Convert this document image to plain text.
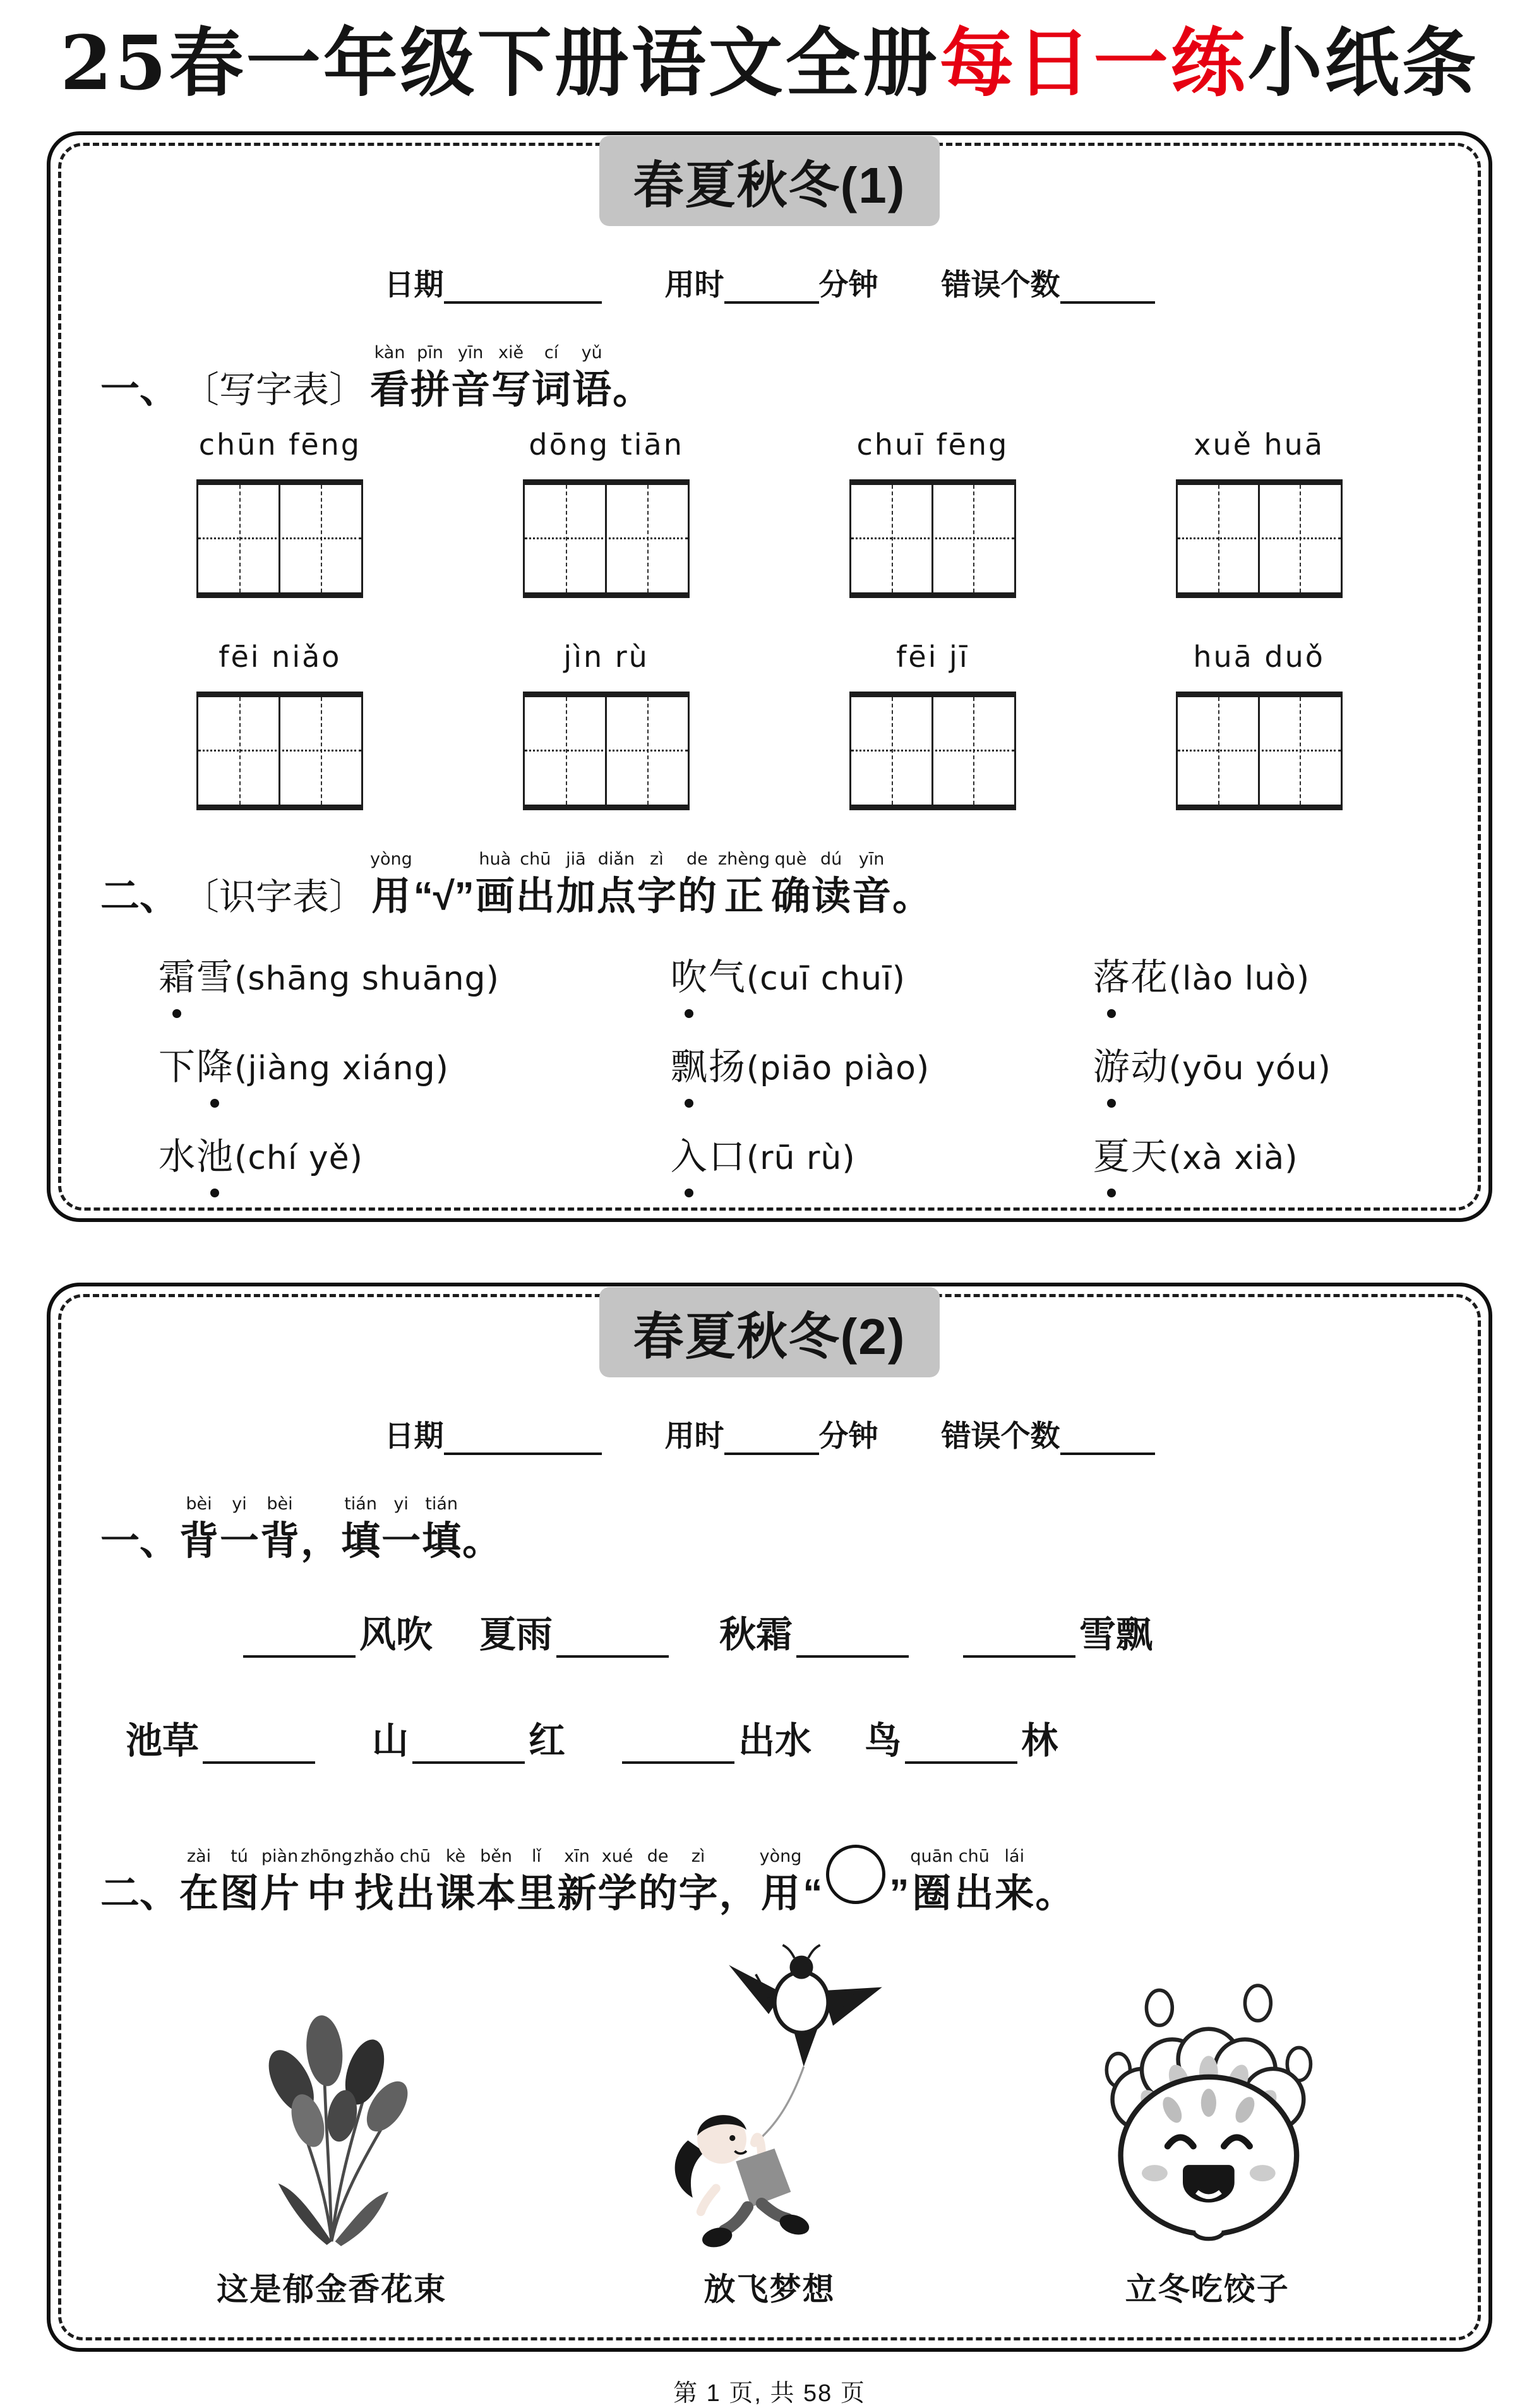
25春一年级下册语文全册每日一练小纸条
春夏秋冬(1)
日期	用时	分钟 错误个数
一、 〔写字表〕
kàn
看
pīn
拼
yīn
音
xiě
写
cí
词
yǔ
语 。
chūn fēng	dōng tiān	chuī fēng	xuě huā
fēi niǎo	jìn rù	fēi jī	huā duǒ
二、 〔识字表〕
yòng
用 “√”
huà
画
chū
出
jiā
加
diǎn
点
zì
字
de
的
zhèng
正
què
确
dú
读
yīn
音 。
霜雪(shāng shuāng)	吹气(cuī chuī)	落花(lào luò)
下降(jiàng xiáng)	飘扬(piāo piào)	游动(yōu yóu)
水池(chí yě)	入口(rū rù)	夏天(xà xià)
春夏秋冬(2)
日期	用时	分钟 错误个数
一、
bèi
背
yi
一
bèi
背 ，
tián
填
yi
一
tián
填 。
风吹 夏雨	秋霜	雪飘
池草	山	红	出水 鸟	林
二、
zài
在
tú
图
piàn
片
zhōng
中
zhǎo
找
chū
出
kè
课
běn
本
lǐ
里
xīn
新
xué
学
de
的
zì
字 ，
yòng
用 “ ”
quān
圈
chū
出
lái
来 。
这是郁金香花束	放飞梦想	立冬吃饺子
第 1 页, 共 58 页
